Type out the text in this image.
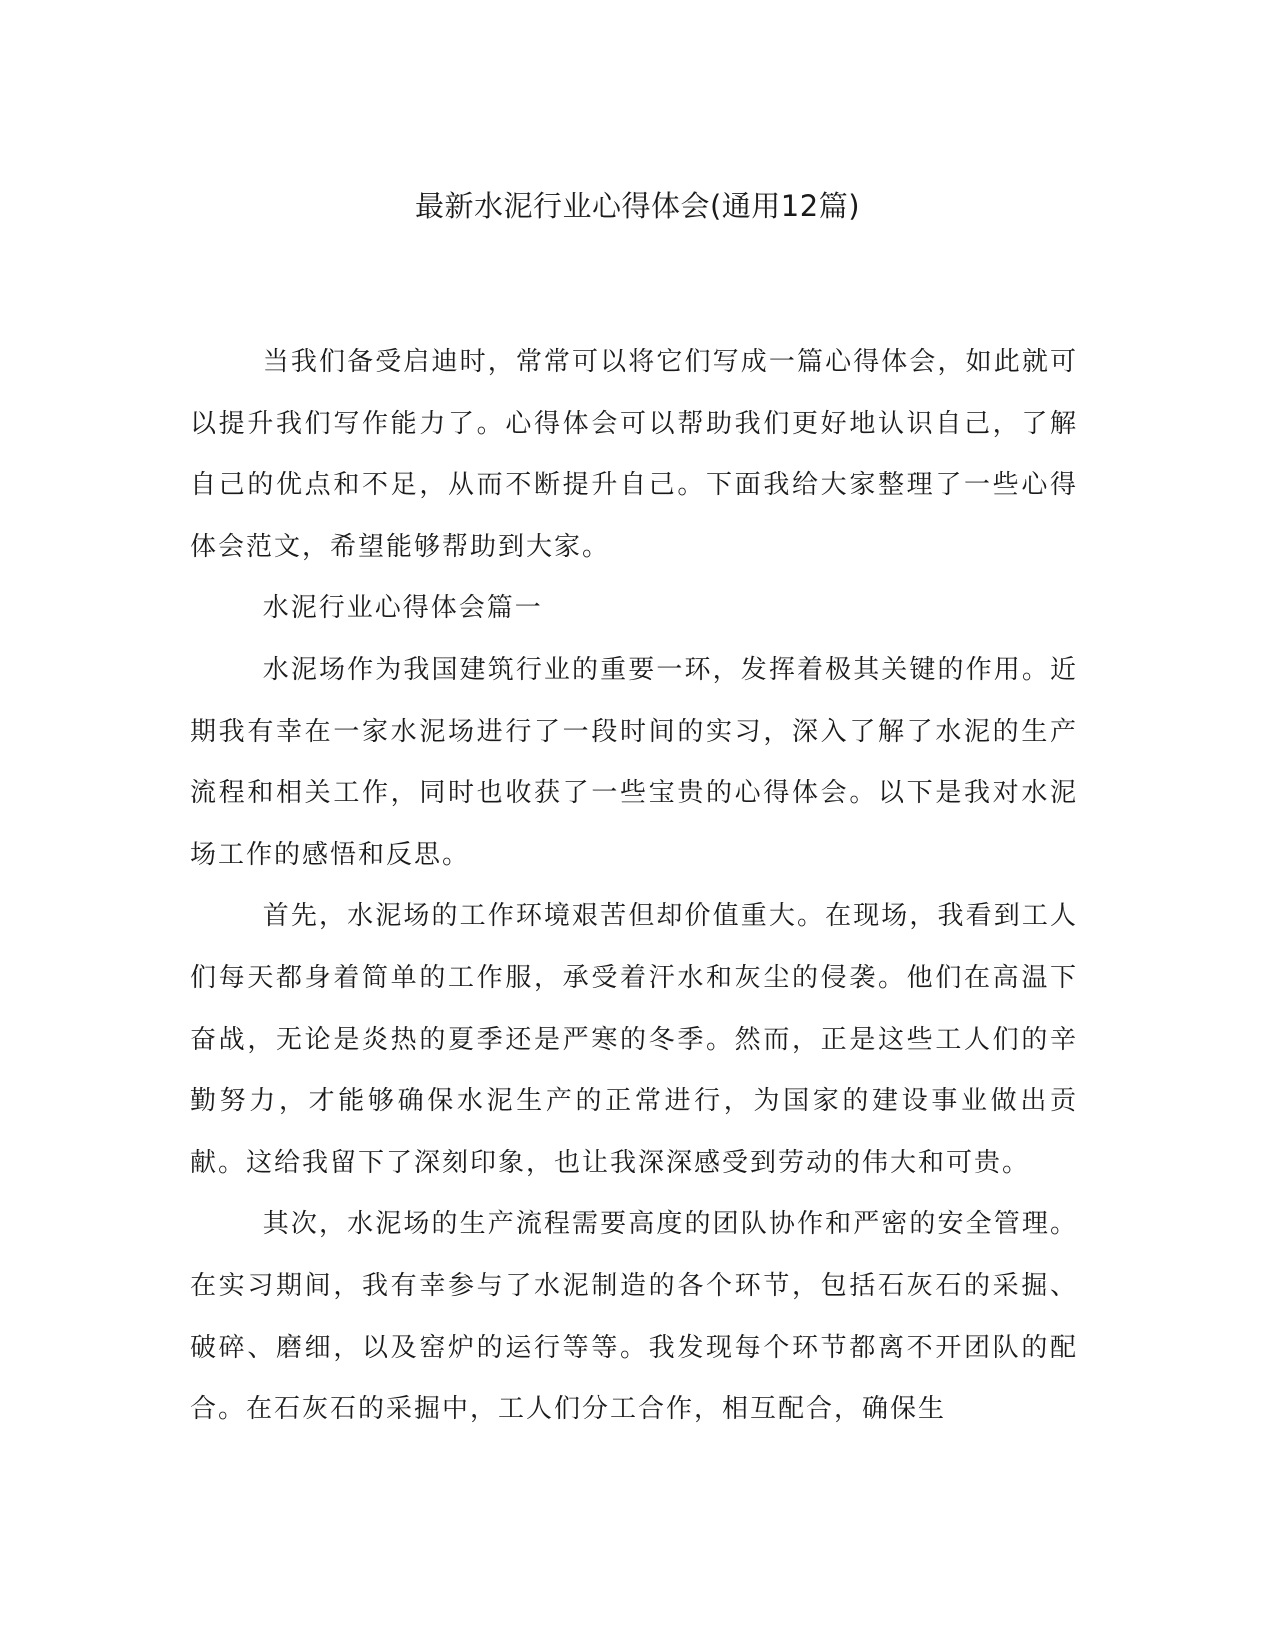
最新水泥行业心得体会(通用12篇)

当我们备受启迪时，常常可以将它们写成一篇心得体会，如此就可以提升我们写作能力了。心得体会可以帮助我们更好地认识自己，了解自己的优点和不足，从而不断提升自己。下面我给大家整理了一些心得体会范文，希望能够帮助到大家。

水泥行业心得体会篇一

水泥场作为我国建筑行业的重要一环，发挥着极其关键的作用。近期我有幸在一家水泥场进行了一段时间的实习，深入了解了水泥的生产流程和相关工作，同时也收获了一些宝贵的心得体会。以下是我对水泥场工作的感悟和反思。

首先，水泥场的工作环境艰苦但却价值重大。在现场，我看到工人们每天都身着简单的工作服，承受着汗水和灰尘的侵袭。他们在高温下奋战，无论是炎热的夏季还是严寒的冬季。然而，正是这些工人们的辛勤努力，才能够确保水泥生产的正常进行，为国家的建设事业做出贡献。这给我留下了深刻印象，也让我深深感受到劳动的伟大和可贵。

其次，水泥场的生产流程需要高度的团队协作和严密的安全管理。在实习期间，我有幸参与了水泥制造的各个环节，包括石灰石的采掘、破碎、磨细，以及窑炉的运行等等。我发现每个环节都离不开团队的配合。在石灰石的采掘中，工人们分工合作，相互配合，确保生
